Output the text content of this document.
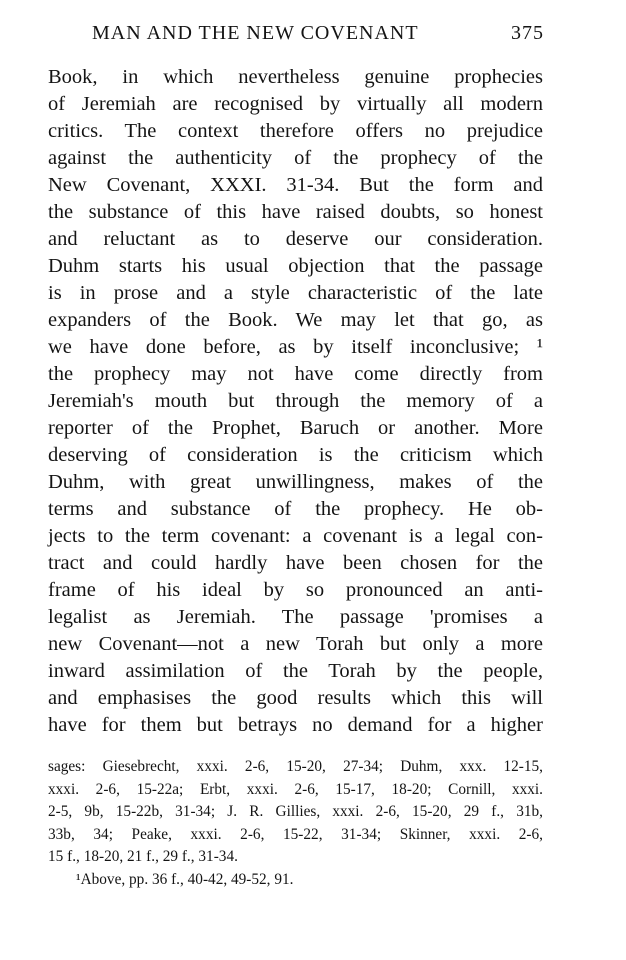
MAN AND THE NEW COVENANT	375
Book, in which nevertheless genuine prophecies
of Jeremiah are recognised by virtually all modern
critics. The context therefore offers no prejudice
against the authenticity of the prophecy of the
New Covenant, XXXI. 31-34. But the form and
the substance of this have raised doubts, so honest
and reluctant as to deserve our consideration.
Duhm starts his usual objection that the passage
is in prose and a style characteristic of the late
expanders of the Book. We may let that go, as
we have done before, as by itself inconclusive; ¹
the prophecy may not have come directly from
Jeremiah's mouth but through the memory of a
reporter of the Prophet, Baruch or another. More
deserving of consideration is the criticism which
Duhm, with great unwillingness, makes of the
terms and substance of the prophecy. He ob-
jects to the term covenant: a covenant is a legal con-
tract and could hardly have been chosen for the
frame of his ideal by so pronounced an anti-
legalist as Jeremiah. The passage 'promises a
new Covenant—not a new Torah but only a more
inward assimilation of the Torah by the people,
and emphasises the good results which this will
have for them but betrays no demand for a higher
sages: Giesebrecht, xxxi. 2-6, 15-20, 27-34; Duhm, xxx. 12-15,
xxxi. 2-6, 15-22a; Erbt, xxxi. 2-6, 15-17, 18-20; Cornill, xxxi.
2-5, 9b, 15-22b, 31-34; J. R. Gillies, xxxi. 2-6, 15-20, 29 f., 31b,
33b, 34; Peake, xxxi. 2-6, 15-22, 31-34; Skinner, xxxi. 2-6,
15 f., 18-20, 21 f., 29 f., 31-34.
¹Above, pp. 36 f., 40-42, 49-52, 91.
